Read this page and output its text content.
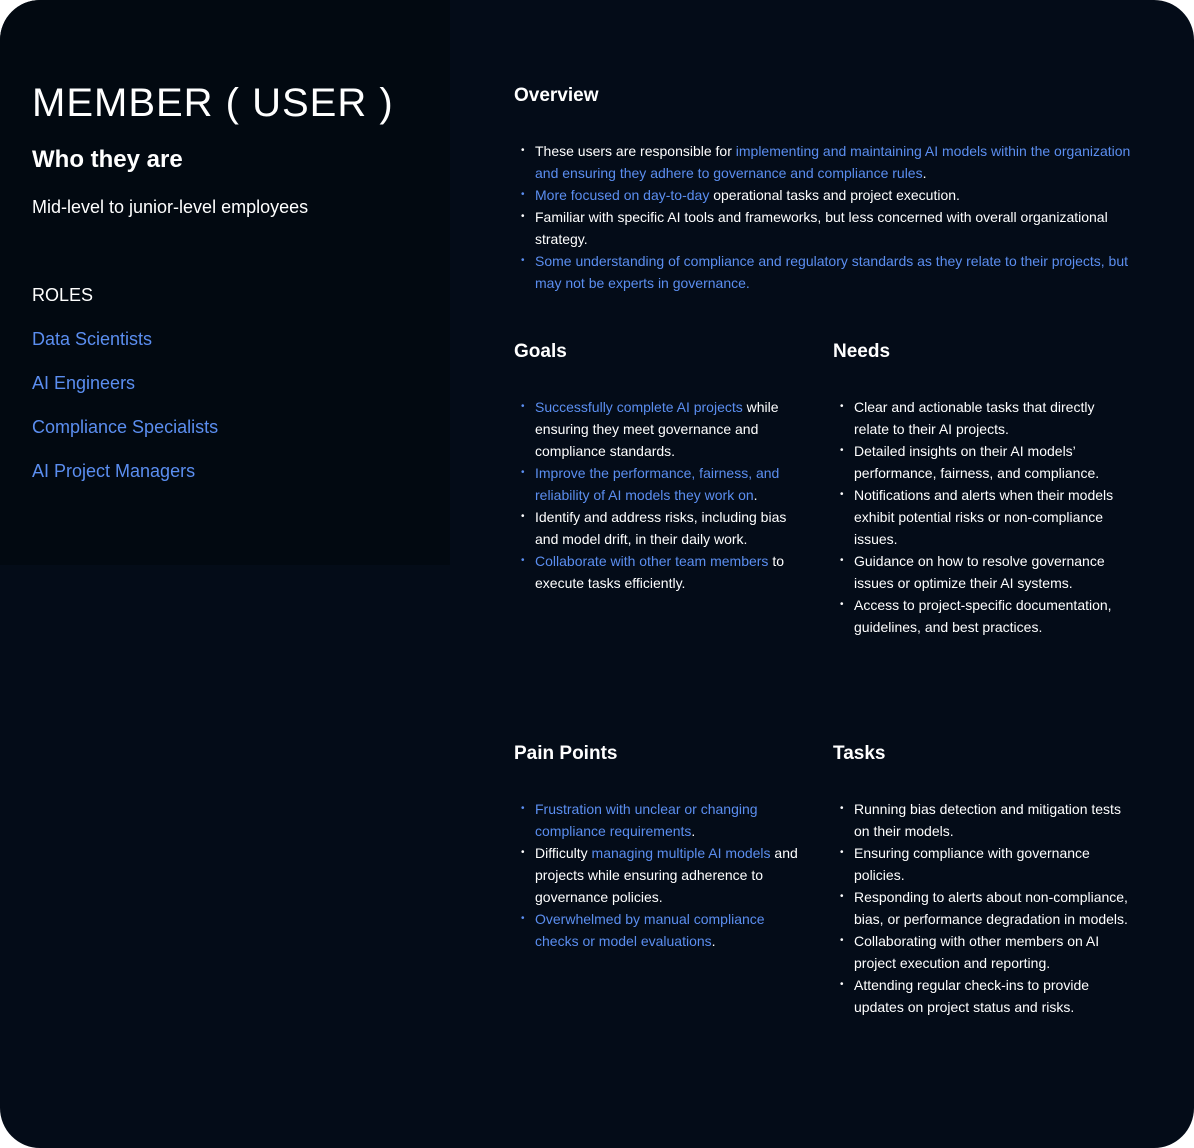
MEMBER ( USER )
Who they are

Mid-level to junior-level employees

ROLES
Data Scientists
AI Engineers
Compliance Specialists
AI Project Managers
Overview
• These users are responsible for implementing and maintaining AI models within the organization and ensuring they adhere to governance and compliance rules.
• More focused on day-to-day operational tasks and project execution.
• Familiar with specific AI tools and frameworks, but less concerned with overall organizational strategy.
• Some understanding of compliance and regulatory standards as they relate to their projects, but may not be experts in governance.
Goals
• Successfully complete AI projects while ensuring they meet governance and compliance standards.
• Improve the performance, fairness, and reliability of AI models they work on.
• Identify and address risks, including bias and model drift, in their daily work.
• Collaborate with other team members to execute tasks efficiently.
Needs
• Clear and actionable tasks that directly relate to their AI projects.
• Detailed insights on their AI models’ performance, fairness, and compliance.
• Notifications and alerts when their models exhibit potential risks or non-compliance issues.
• Guidance on how to resolve governance issues or optimize their AI systems.
• Access to project-specific documentation, guidelines, and best practices.
Pain Points
• Frustration with unclear or changing compliance requirements.
• Difficulty managing multiple AI models and projects while ensuring adherence to governance policies.
• Overwhelmed by manual compliance checks or model evaluations.
Tasks
• Running bias detection and mitigation tests on their models.
• Ensuring compliance with governance policies.
• Responding to alerts about non-compliance, bias, or performance degradation in models.
• Collaborating with other members on AI project execution and reporting.
• Attending regular check-ins to provide updates on project status and risks.
